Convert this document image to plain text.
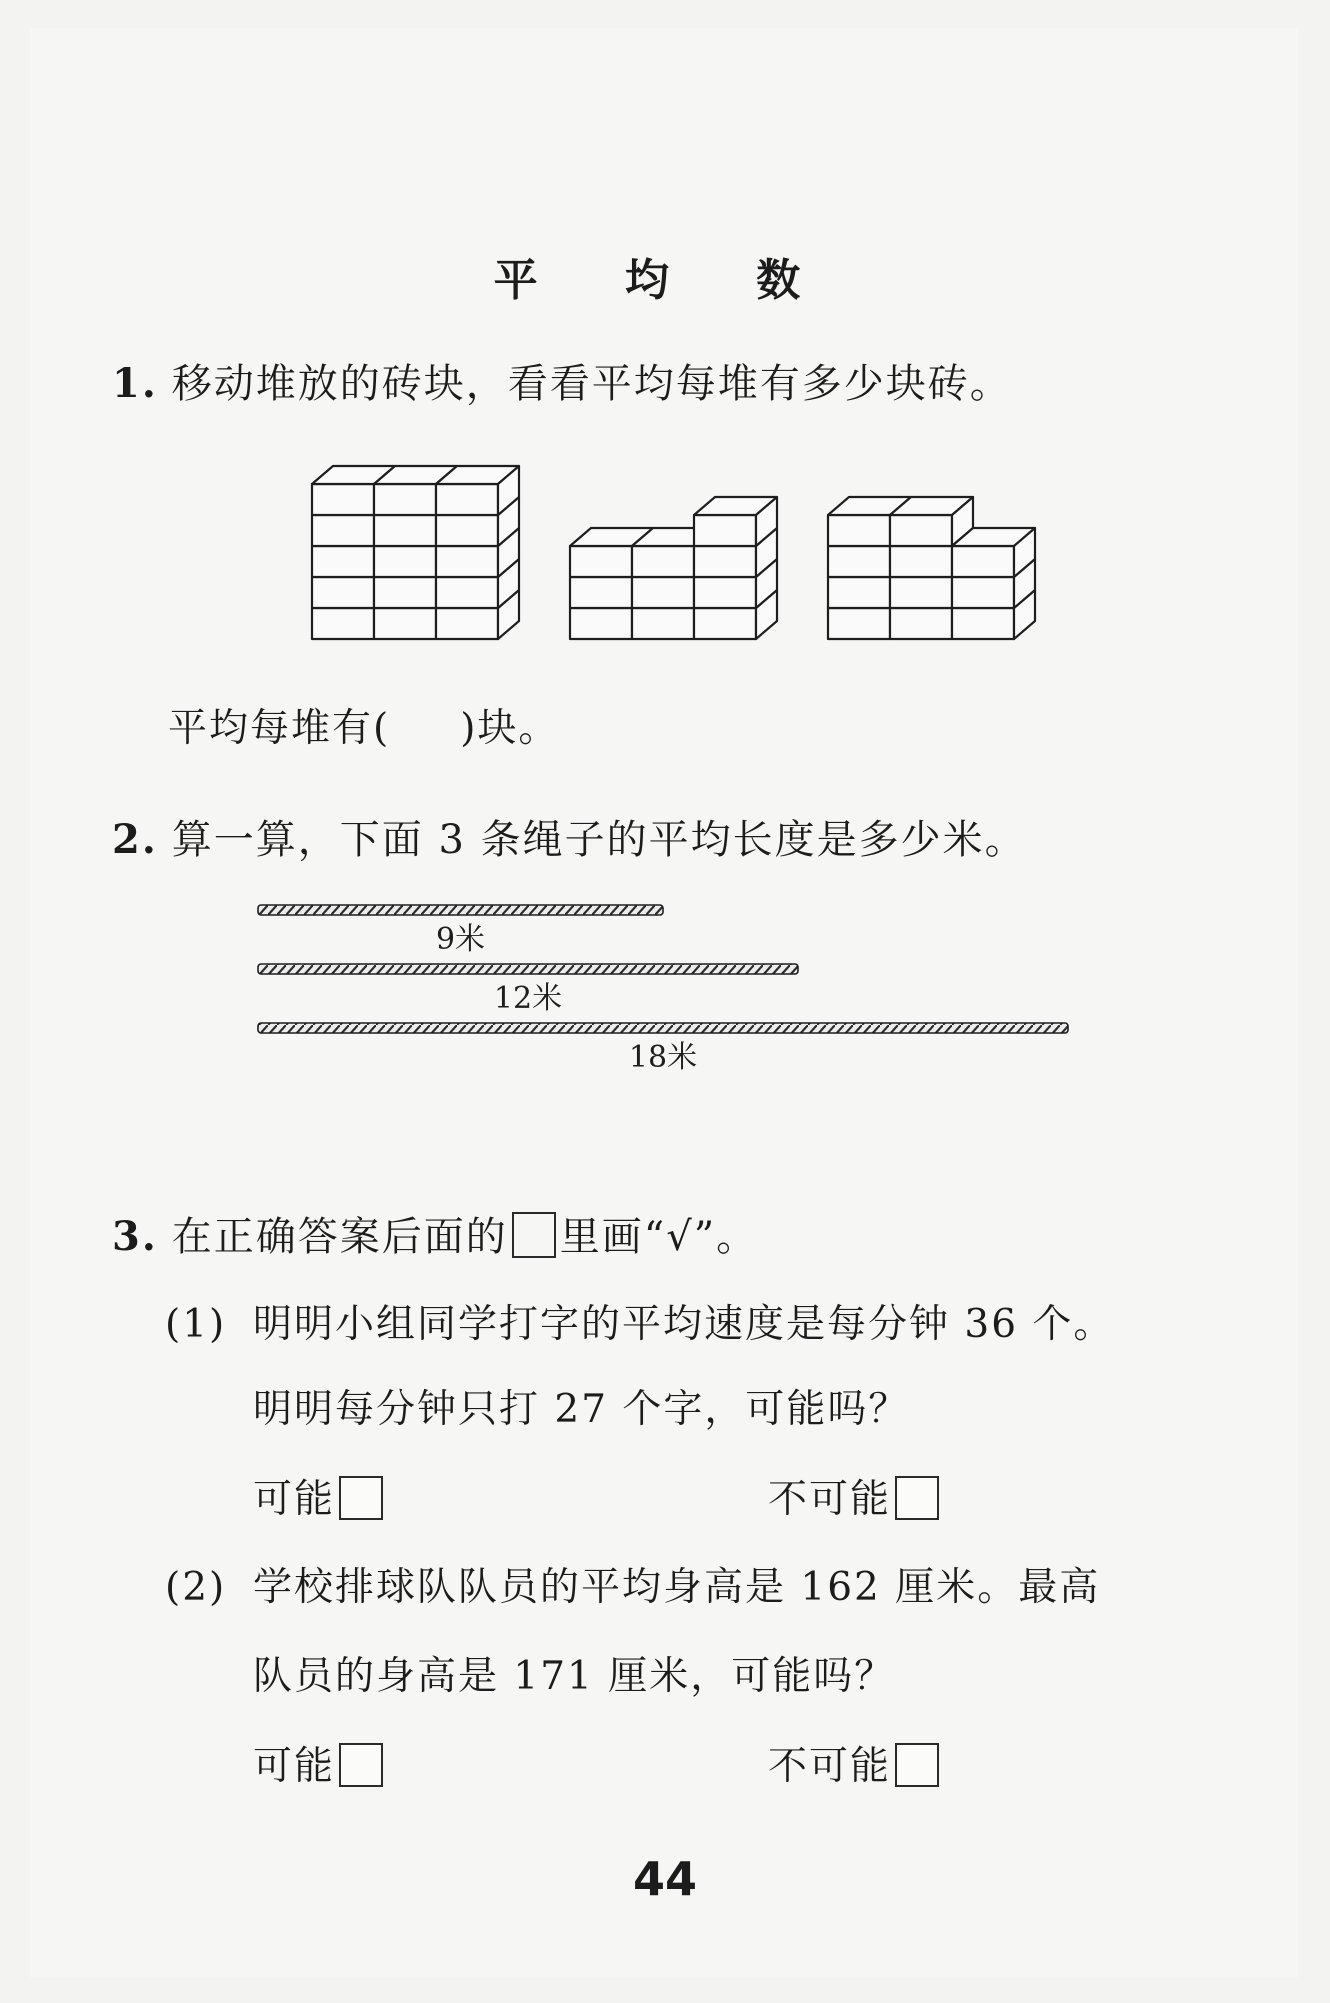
平 均 数
1. 移动堆放的砖块，看看平均每堆有多少块砖。
平均每堆有( )块。
2. 算一算，下面 3 条绳子的平均长度是多少米。
9米
12米
18米
3. 在正确答案后面的 里画“√”。
(1) 明明小组同学打字的平均速度是每分钟 36 个。
明明每分钟只打 27 个字，可能吗？
可能	不可能
(2) 学校排球队队员的平均身高是 162 厘米。最高
队员的身高是 171 厘米，可能吗？
可能	不可能
44
